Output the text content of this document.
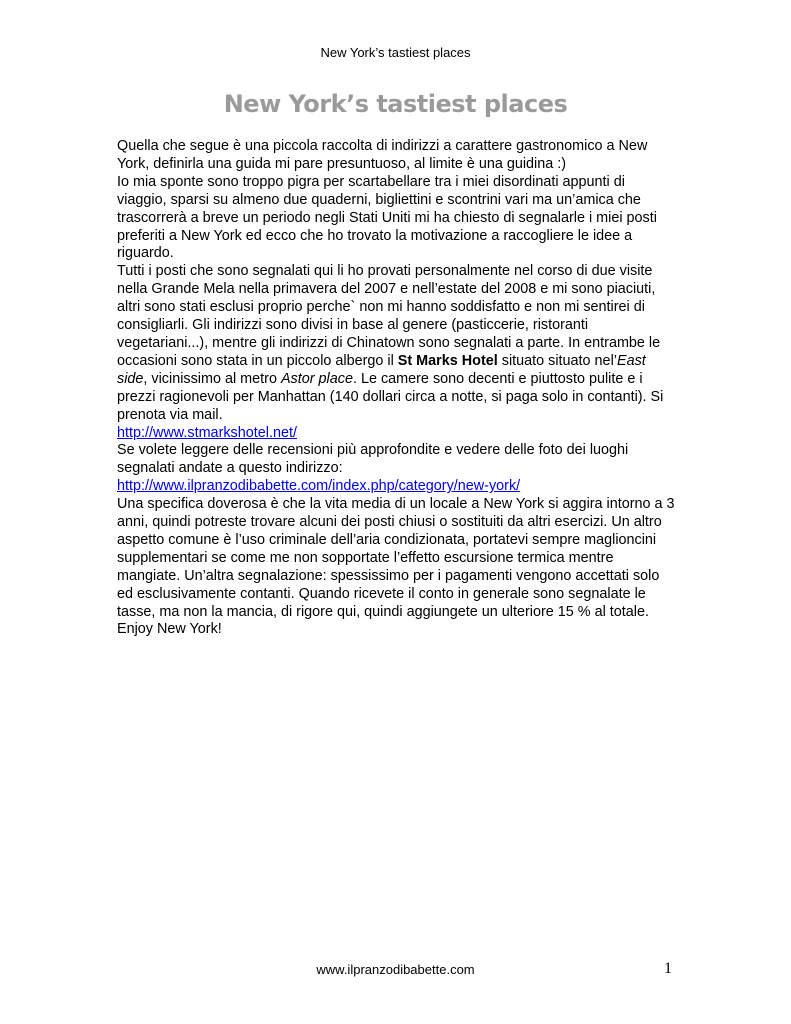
New York’s tastiest places
New York’s tastiest places

Quella che segue è una piccola raccolta di indirizzi a carattere gastronomico a New York, definirla una guida mi pare presuntuoso, al limite è una guidina :)

Io mia sponte sono troppo pigra per scartabellare tra i miei disordinati appunti di viaggio, sparsi su almeno due quaderni, bigliettini e scontrini vari ma un’amica che trascorrerà a breve un periodo negli Stati Uniti mi ha chiesto di segnalarle i miei posti preferiti a New York ed ecco che ho trovato la motivazione a raccogliere le idee a riguardo.

Tutti i posti che sono segnalati qui li ho provati personalmente nel corso di due visite nella Grande Mela nella primavera del 2007 e nell’estate del 2008 e mi sono piaciuti, altri sono stati esclusi proprio perche` non mi hanno soddisfatto e non mi sentirei di consigliarli. Gli indirizzi sono divisi in base al genere (pasticcerie, ristoranti vegetariani...), mentre gli indirizzi di Chinatown sono segnalati a parte. In entrambe le occasioni sono stata in un piccolo albergo il St Marks Hotel situato situato nel’East side, vicinissimo al metro Astor place. Le camere sono decenti e piuttosto pulite e i prezzi ragionevoli per Manhattan (140 dollari circa a notte, si paga solo in contanti). Si prenota via mail.

http://www.stmarkshotel.net/

Se volete leggere delle recensioni più approfondite e vedere delle foto dei luoghi segnalati andate a questo indirizzo:

http://www.ilpranzodibabette.com/index.php/category/new-york/

Una specifica doverosa è che la vita media di un locale a New York si aggira intorno a 3 anni, quindi potreste trovare alcuni dei posti chiusi o sostituiti da altri esercizi. Un altro aspetto comune è l’uso criminale dell’aria condizionata, portatevi sempre maglioncini supplementari se come me non sopportate l’effetto escursione termica mentre mangiate. Un’altra segnalazione: spessissimo per i pagamenti vengono accettati solo ed esclusivamente contanti. Quando ricevete il conto in generale sono segnalate le tasse, ma non la mancia, di rigore qui, quindi aggiungete un ulteriore 15 % al totale. Enjoy New York!

www.ilpranzodibabette.com	1
